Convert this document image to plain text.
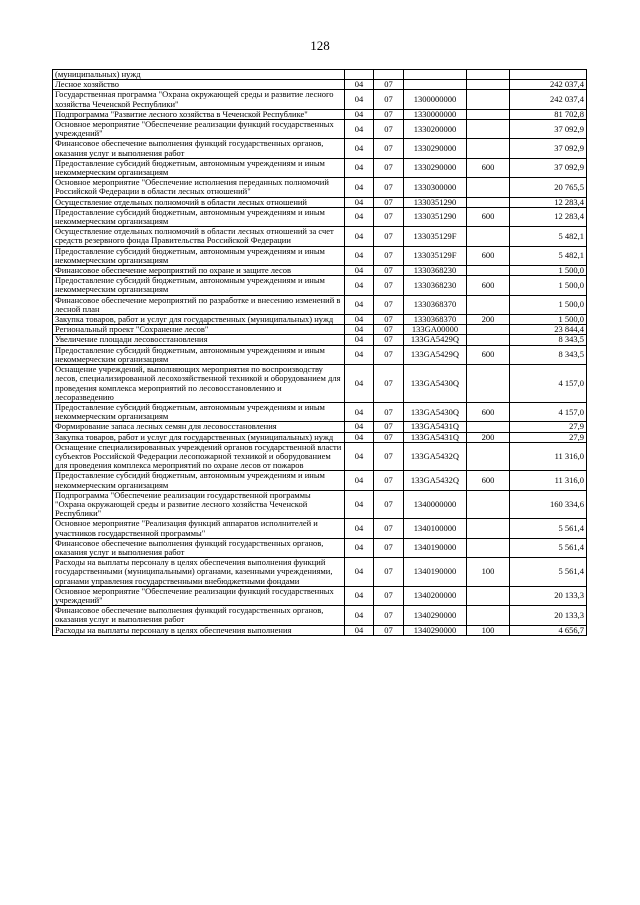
128
(муниципальных) нужд					
Лесное хозяйство	04	07			242 037,4
Государственная программа "Охрана окружающей среды и развитие лесного хозяйства Чеченской Республики"	04	07	1300000000		242 037,4
Подпрограмма "Развитие лесного хозяйства в Чеченской Республике"	04	07	1330000000		81 702,8
Основное мероприятие "Обеспечение реализации функций государственных учреждений"	04	07	1330200000		37 092,9
Финансовое обеспечение выполнения функций государственных органов, оказания услуг и выполнения работ	04	07	1330290000		37 092,9
Предоставление субсидий бюджетным, автономным учреждениям и иным некоммерческим организациям	04	07	1330290000	600	37 092,9
Основное мероприятие "Обеспечение исполнения переданных полномочий Российской Федерации в области лесных отношений"	04	07	1330300000		20 765,5
Осуществление отдельных полномочий в области лесных отношений	04	07	1330351290		12 283,4
Предоставление субсидий бюджетным, автономным учреждениям и иным некоммерческим организациям	04	07	1330351290	600	12 283,4
Осуществление отдельных полномочий в области лесных отношений за счет средств резервного фонда Правительства Российской Федерации	04	07	133035129F		5 482,1
Предоставление субсидий бюджетным, автономным учреждениям и иным некоммерческим организациям	04	07	133035129F	600	5 482,1
Финансовое обеспечение мероприятий по охране и защите лесов	04	07	1330368230		1 500,0
Предоставление субсидий бюджетным, автономным учреждениям и иным некоммерческим организациям	04	07	1330368230	600	1 500,0
Финансовое обеспечение мероприятий по разработке и внесению изменений в лесной план	04	07	1330368370		1 500,0
Закупка товаров, работ и услуг для государственных (муниципальных) нужд	04	07	1330368370	200	1 500,0
Региональный проект "Сохранение лесов"	04	07	133GA00000		23 844,4
Увеличение площади лесовосстановления	04	07	133GA5429Q		8 343,5
Предоставление субсидий бюджетным, автономным учреждениям и иным некоммерческим организациям	04	07	133GA5429Q	600	8 343,5
Оснащение учреждений, выполняющих мероприятия по воспроизводству лесов, специализированной лесохозяйственной техникой и оборудованием для проведения комплекса мероприятий по лесовосстановлению и лесоразведению	04	07	133GA5430Q		4 157,0
Предоставление субсидий бюджетным, автономным учреждениям и иным некоммерческим организациям	04	07	133GA5430Q	600	4 157,0
Формирование запаса лесных семян для лесовосстановления	04	07	133GA5431Q		27,9
Закупка товаров, работ и услуг для государственных (муниципальных) нужд	04	07	133GA5431Q	200	27,9
Оснащение специализированных учреждений органов государственной власти субъектов Российской Федерации лесопожарной техникой и оборудованием для проведения комплекса мероприятий по охране лесов от пожаров	04	07	133GA5432Q		11 316,0
Предоставление субсидий бюджетным, автономным учреждениям и иным некоммерческим организациям	04	07	133GA5432Q	600	11 316,0
Подпрограмма "Обеспечение реализации государственной программы "Охрана окружающей среды и развитие лесного хозяйства Чеченской Республики"	04	07	1340000000		160 334,6
Основное мероприятие "Реализация функций аппаратов исполнителей и участников государственной программы"	04	07	1340100000		5 561,4
Финансовое обеспечение выполнения функций государственных органов, оказания услуг и выполнения работ	04	07	1340190000		5 561,4
Расходы на выплаты персоналу в целях обеспечения выполнения функций государственными (муниципальными) органами, казенными учреждениями, органами управления государственными внебюджетными фондами	04	07	1340190000	100	5 561,4
Основное мероприятие "Обеспечение реализации функций государственных учреждений"	04	07	1340200000		20 133,3
Финансовое обеспечение выполнения функций государственных органов, оказания услуг и выполнения работ	04	07	1340290000		20 133,3
Расходы на выплаты персоналу в целях обеспечения выполнения	04	07	1340290000	100	4 656,7
